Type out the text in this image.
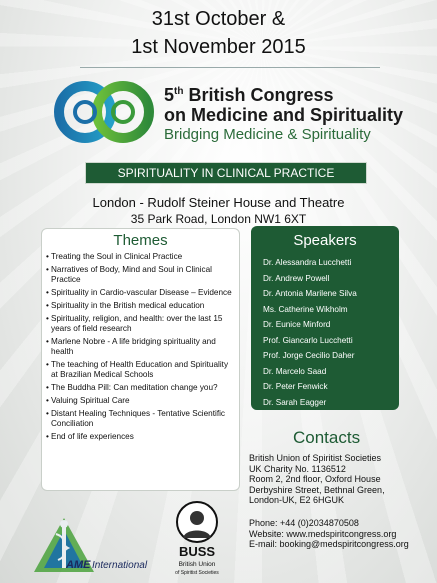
31st October &
1st November 2015
5th British Congress
on Medicine and Spirituality
Bridging Medicine & Spirituality
SPIRITUALITY IN CLINICAL PRACTICE
London - Rudolf Steiner House and Theatre
35 Park Road, London NW1 6XT
Themes
• Treating the Soul in Clinical Practice
• Narratives of Body, Mind and Soul in Clinical Practice
• Spirituality in Cardio-vascular Disease – Evidence
• Spirituality in the British medical education
• Spirituality, religion, and health: over the last 15 years of field research
• Marlene Nobre - A life bridging spirituality and health
• The teaching of Health Education and Spirituality at Brazilian Medical Schools
• The Buddha Pill: Can meditation change you?
• Valuing Spiritual Care
• Distant Healing Techniques - Tentative Scientific Conciliation
• End of life experiences
Speakers
Dr. Alessandra Lucchetti
Dr. Andrew Powell
Dr. Antonia Marilene Silva
Ms. Catherine Wikholm
Dr. Eunice Minford
Prof. Giancarlo Lucchetti
Prof. Jorge Cecilio Daher
Dr. Marcelo Saad
Dr. Peter Fenwick
Dr. Sarah Eagger
Contacts
British Union of Spiritist Societies
UK Charity No. 1136512
Room 2, 2nd floor, Oxford House
Derbyshire Street, Bethnal Green,
London-UK, E2 6HGUK
Phone: +44 (0)2034870508
Website: www.medspiritcongress.org
E-mail: booking@medspiritcongress.org
AME International
BUSS
British Union
of Spiritist Societies
